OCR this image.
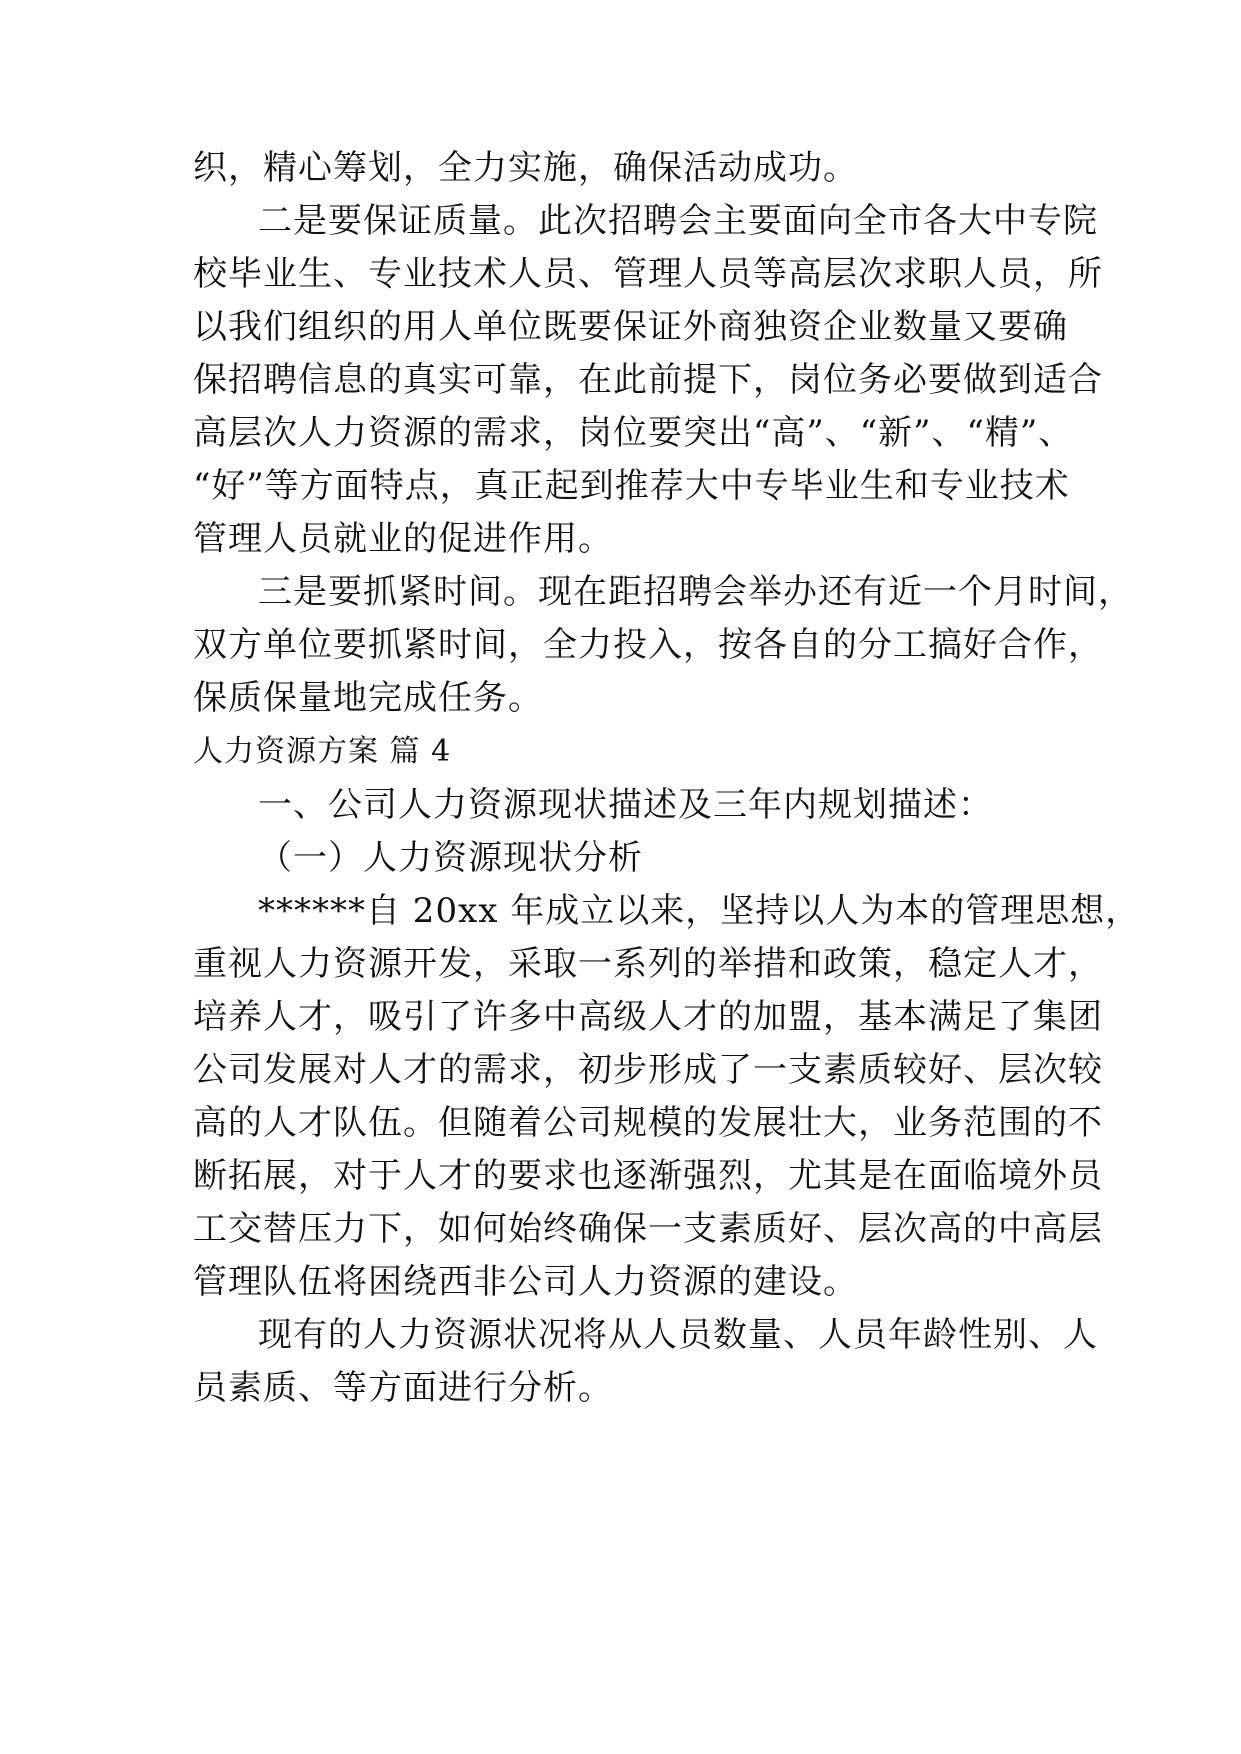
织，精心筹划，全力实施，确保活动成功。
二是要保证质量。此次招聘会主要面向全市各大中专院
校毕业生、专业技术人员、管理人员等高层次求职人员，所
以我们组织的用人单位既要保证外商独资企业数量又要确
保招聘信息的真实可靠，在此前提下，岗位务必要做到适合
高层次人力资源的需求，岗位要突出“高”、“新”、“精”、
“好”等方面特点，真正起到推荐大中专毕业生和专业技术
管理人员就业的促进作用。
三是要抓紧时间。现在距招聘会举办还有近一个月时间，
双方单位要抓紧时间，全力投入，按各自的分工搞好合作，
保质保量地完成任务。
人力资源方案 篇 4
一、公司人力资源现状描述及三年内规划描述：
（一）人力资源现状分析
******自 20xx 年成立以来，坚持以人为本的管理思想，
重视人力资源开发，采取一系列的举措和政策，稳定人才，
培养人才，吸引了许多中高级人才的加盟，基本满足了集团
公司发展对人才的需求，初步形成了一支素质较好、层次较
高的人才队伍。但随着公司规模的发展壮大，业务范围的不
断拓展，对于人才的要求也逐渐强烈，尤其是在面临境外员
工交替压力下，如何始终确保一支素质好、层次高的中高层
管理队伍将困绕西非公司人力资源的建设。
现有的人力资源状况将从人员数量、人员年龄性别、人
员素质、等方面进行分析。
